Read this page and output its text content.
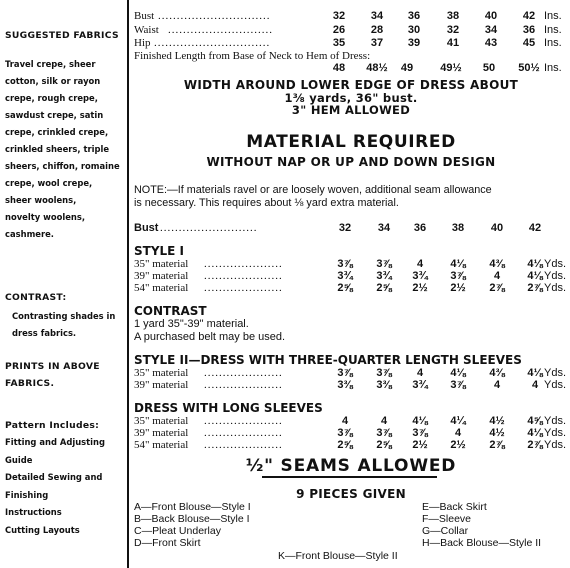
SUGGESTED FABRICS
Travel crepe, sheer
cotton, silk or rayon
crepe, rough crepe,
sawdust crepe, satin
crepe, crinkled crepe,
crinkled sheers, triple
sheers, chiffon, romaine
crepe, wool crepe,
sheer woolens,
novelty woolens,
cashmere.
CONTRAST:
Contrasting shades in
dress fabrics.
PRINTS IN ABOVE
FABRICS.
Pattern Includes:
Fitting and Adjusting
Guide
Detailed Sewing and
Finishing
Instructions
Cutting Layouts
Bust ..............................	32	34	36	38	40	42 Ins.
Waist ............................	26	28	30	32	34	36 Ins.
Hip ...............................	35	37	39	41	43	45 Ins.
Finished Length from Base of Neck to Hem of Dress:
48	48½	49	49½	50	50½ Ins.
WIDTH AROUND LOWER EDGE OF DRESS ABOUT
1⅜ yards, 36" bust.
3" HEM ALLOWED
MATERIAL REQUIRED
WITHOUT NAP OR UP AND DOWN DESIGN
NOTE:—If materials ravel or are loosely woven, additional seam allowance
is necessary. This requires about ⅛ yard extra material.
Bust ..........................	32	34	36	38	40	42
STYLE I
35" material .....................	3⅞	3⅞	4	4⅛	4⅜	4⅛ Yds.
39" material .....................	3¾	3¾	3¾	3⅞	4	4⅛ Yds.
54" material .....................	2⅝	2⅝	2½	2½	2⅞	2⅞ Yds.
CONTRAST
1 yard 35"-39" material.
A purchased belt may be used.
STYLE II—DRESS WITH THREE-QUARTER LENGTH SLEEVES
35" material .....................	3⅞	3⅞	4	4⅛	4⅜	4⅛ Yds.
39" material .....................	3⅜	3⅜	3¾	3⅞	4	4 Yds.
DRESS WITH LONG SLEEVES
35" material .....................	4	4	4⅛	4¼	4½	4⅝ Yds.
39" material .....................	3⅞	3⅞	3⅞	4	4½	4⅛ Yds.
54" material .....................	2⅝	2⅝	2½	2½	2⅞	2⅞ Yds.
½" SEAMS ALLOWED
9 PIECES GIVEN
A—Front Blouse—Style I
B—Back Blouse—Style I
C—Pleat Underlay
D—Front Skirt
E—Back Skirt
F—Sleeve
G—Collar
H—Back Blouse—Style II
K—Front Blouse—Style II
